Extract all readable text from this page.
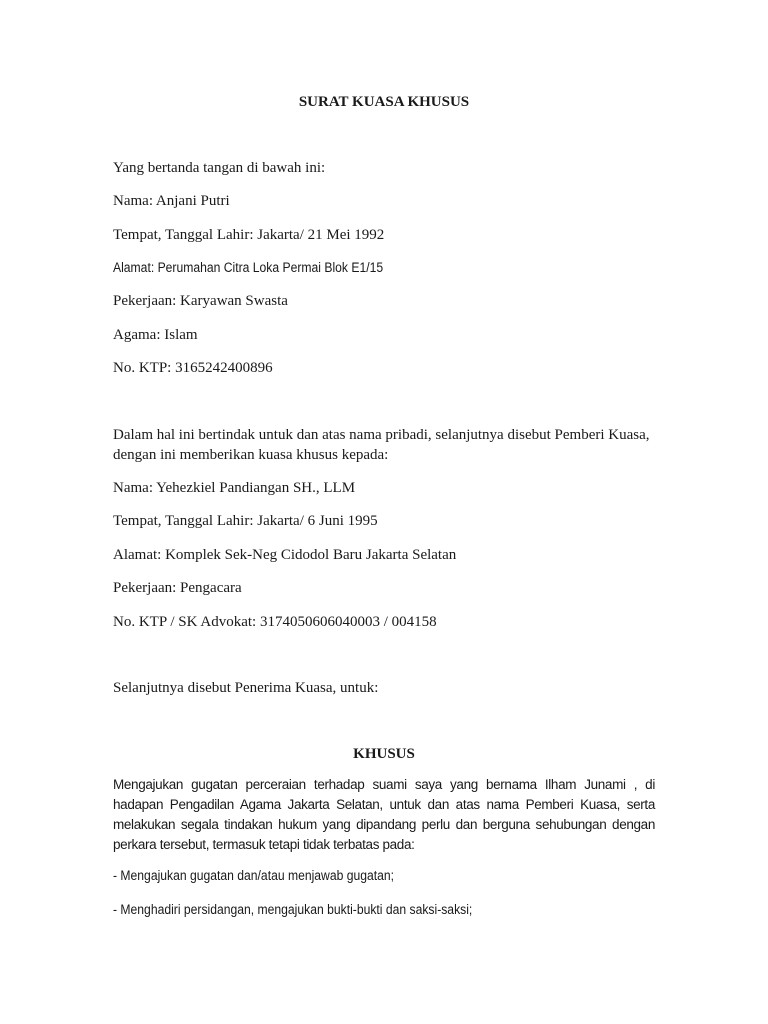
SURAT KUASA KHUSUS
Yang bertanda tangan di bawah ini:
Nama: Anjani Putri
Tempat, Tanggal Lahir: Jakarta/ 21 Mei 1992
Alamat: Perumahan Citra Loka Permai Blok E1/15
Pekerjaan: Karyawan Swasta
Agama: Islam
No. KTP: 3165242400896
Dalam hal ini bertindak untuk dan atas nama pribadi, selanjutnya disebut Pemberi Kuasa,
dengan ini memberikan kuasa khusus kepada:
Nama: Yehezkiel Pandiangan SH., LLM
Tempat, Tanggal Lahir: Jakarta/ 6 Juni 1995
Alamat: Komplek Sek-Neg Cidodol Baru Jakarta Selatan
Pekerjaan: Pengacara
No. KTP / SK Advokat: 3174050606040003 / 004158
Selanjutnya disebut Penerima Kuasa, untuk:
KHUSUS
Mengajukan gugatan perceraian terhadap suami saya yang bernama Ilham Junami , di
hadapan Pengadilan Agama Jakarta Selatan, untuk dan atas nama Pemberi Kuasa, serta
melakukan segala tindakan hukum yang dipandang perlu dan berguna sehubungan dengan
perkara tersebut, termasuk tetapi tidak terbatas pada:
- Mengajukan gugatan dan/atau menjawab gugatan;
- Menghadiri persidangan, mengajukan bukti-bukti dan saksi-saksi;
